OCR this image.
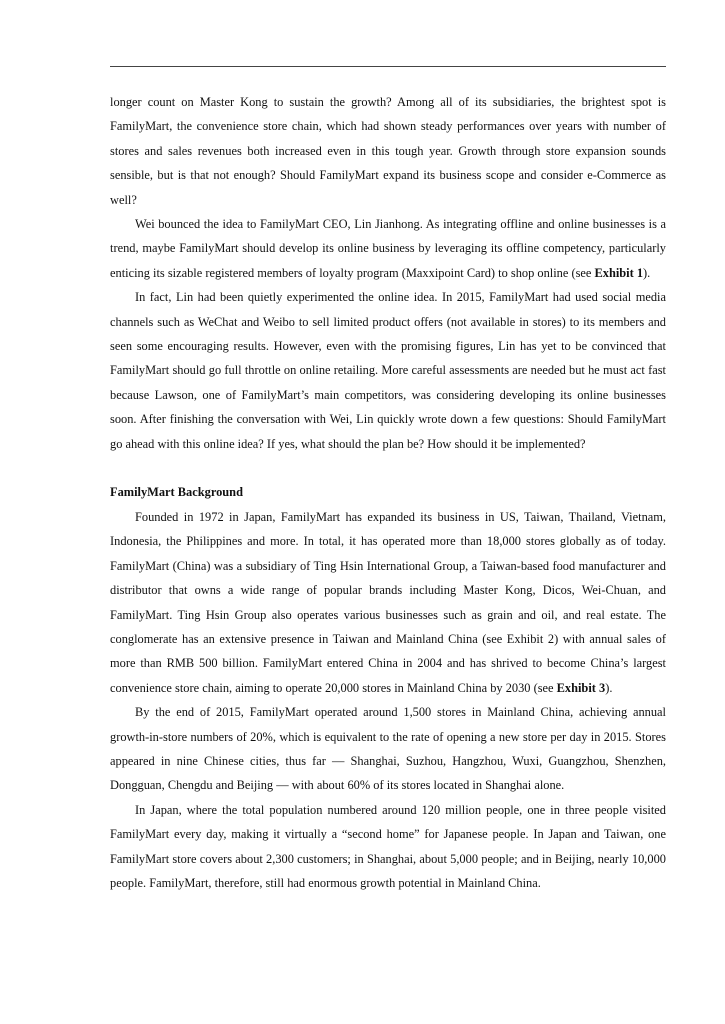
longer count on Master Kong to sustain the growth? Among all of its subsidiaries, the brightest spot is FamilyMart, the convenience store chain, which had shown steady performances over years with number of stores and sales revenues both increased even in this tough year. Growth through store expansion sounds sensible, but is that not enough? Should FamilyMart expand its business scope and consider e-Commerce as well?

Wei bounced the idea to FamilyMart CEO, Lin Jianhong. As integrating offline and online businesses is a trend, maybe FamilyMart should develop its online business by leveraging its offline competency, particularly enticing its sizable registered members of loyalty program (Maxxipoint Card) to shop online (see Exhibit 1).

In fact, Lin had been quietly experimented the online idea. In 2015, FamilyMart had used social media channels such as WeChat and Weibo to sell limited product offers (not available in stores) to its members and seen some encouraging results. However, even with the promising figures, Lin has yet to be convinced that FamilyMart should go full throttle on online retailing. More careful assessments are needed but he must act fast because Lawson, one of FamilyMart’s main competitors, was considering developing its online businesses soon. After finishing the conversation with Wei, Lin quickly wrote down a few questions: Should FamilyMart go ahead with this online idea? If yes, what should the plan be? How should it be implemented?

FamilyMart Background

Founded in 1972 in Japan, FamilyMart has expanded its business in US, Taiwan, Thailand, Vietnam, Indonesia, the Philippines and more. In total, it has operated more than 18,000 stores globally as of today. FamilyMart (China) was a subsidiary of Ting Hsin International Group, a Taiwan-based food manufacturer and distributor that owns a wide range of popular brands including Master Kong, Dicos, Wei-Chuan, and FamilyMart. Ting Hsin Group also operates various businesses such as grain and oil, and real estate. The conglomerate has an extensive presence in Taiwan and Mainland China (see Exhibit 2) with annual sales of more than RMB 500 billion. FamilyMart entered China in 2004 and has shrived to become China’s largest convenience store chain, aiming to operate 20,000 stores in Mainland China by 2030 (see Exhibit 3).

By the end of 2015, FamilyMart operated around 1,500 stores in Mainland China, achieving annual growth-in-store numbers of 20%, which is equivalent to the rate of opening a new store per day in 2015. Stores appeared in nine Chinese cities, thus far — Shanghai, Suzhou, Hangzhou, Wuxi, Guangzhou, Shenzhen, Dongguan, Chengdu and Beijing — with about 60% of its stores located in Shanghai alone.

In Japan, where the total population numbered around 120 million people, one in three people visited FamilyMart every day, making it virtually a “second home” for Japanese people. In Japan and Taiwan, one FamilyMart store covers about 2,300 customers; in Shanghai, about 5,000 people; and in Beijing, nearly 10,000 people. FamilyMart, therefore, still had enormous growth potential in Mainland China.
